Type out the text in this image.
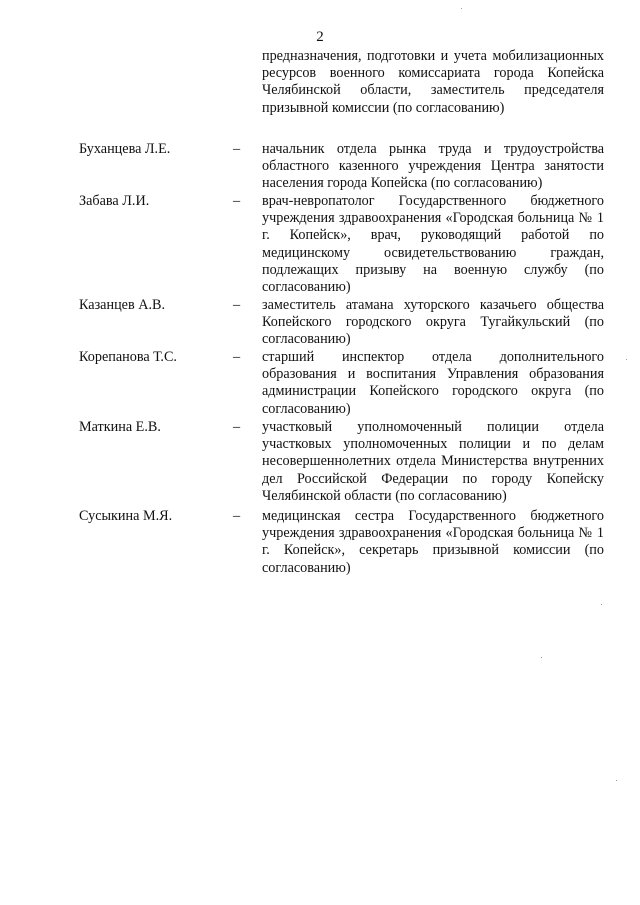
2
предназначения, подготовки и учета мобилизационных ресурсов военного комиссариата города Копейска Челябинской области, заместитель председателя призывной комиссии (по согласованию)
Буханцева Л.Е.	– начальник отдела рынка труда и трудоустройства областного казенного учреждения Центра занятости населения города Копейска (по согласованию)
Забава Л.И.	– врач-невропатолог Государственного бюджетного учреждения здравоохранения «Городская больница № 1 г. Копейск», врач, руководящий работой по медицинскому освидетельствованию граждан, подлежащих призыву на военную службу (по согласованию)
Казанцев А.В.	– заместитель атамана хуторского казачьего общества Копейского городского округа Тугайкульский (по согласованию)
Корепанова Т.С.	– старший инспектор отдела дополнительного образования и воспитания Управления образования администрации Копейского городского округа (по согласованию)
Маткина Е.В.	– участковый уполномоченный полиции отдела участковых уполномоченных полиции и по делам несовершеннолетних отдела Министерства внутренних дел Российской Федерации по городу Копейску Челябинской области (по согласованию)
Сусыкина М.Я.	– медицинская сестра Государственного бюджетного учреждения здравоохранения «Городская больница № 1 г. Копейск», секретарь призывной комиссии (по согласованию)
